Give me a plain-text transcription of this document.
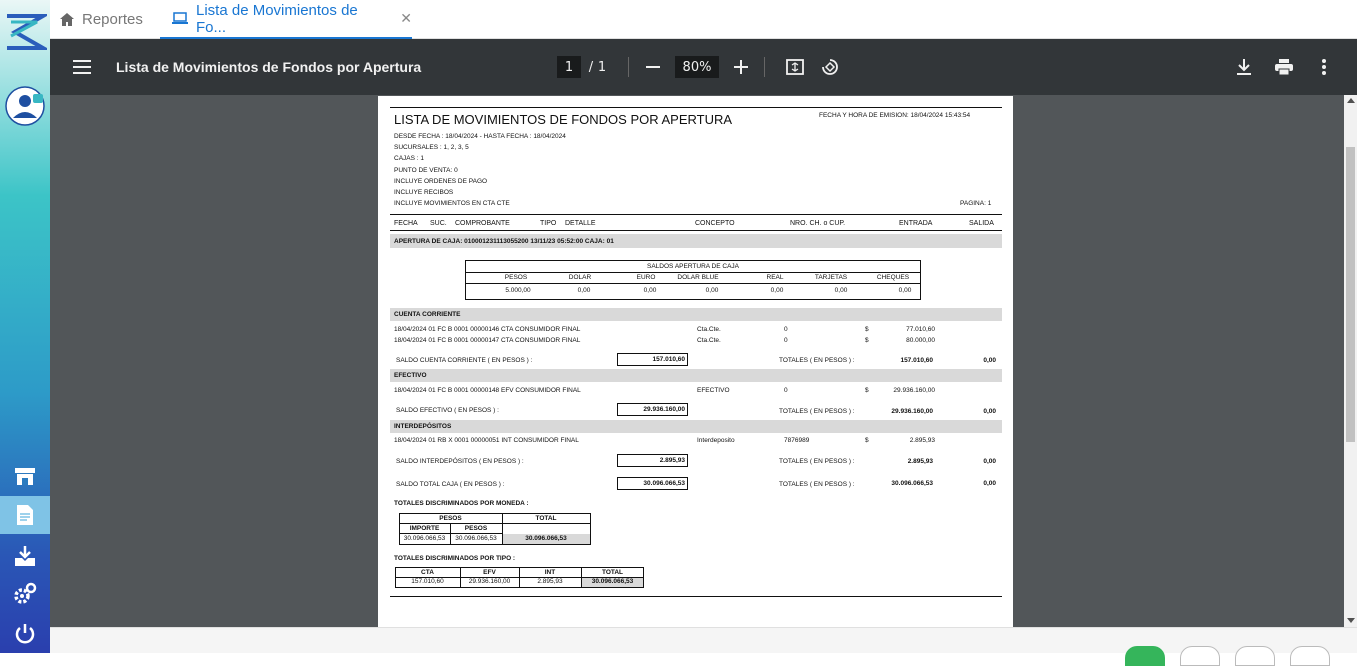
Reportes
Lista de Movimientos de Fo...
✕
Lista de Movimientos de Fondos por Apertura	1	/ 1	80%
LISTA DE MOVIMIENTOS DE FONDOS POR APERTURA	FECHA Y HORA DE EMISION: 18/04/2024 15:43:54
DESDE FECHA : 18/04/2024 - HASTA FECHA : 18/04/2024
SUCURSALES : 1, 2, 3, 5
CAJAS : 1
PUNTO DE VENTA: 0
INCLUYE ORDENES DE PAGO
INCLUYE RECIBOS
INCLUYE MOVIMIENTOS EN CTA CTE	PAGINA: 1
FECHA SUC. COMPROBANTE	TIPO DETALLE	CONCEPTO	NRO. CH. o CUP.	ENTRADA	SALIDA
APERTURA DE CAJA: 010001231113055200 13/11/23 05:52:00 CAJA: 01
SALDOS APERTURA DE CAJA
PESOS	DOLAR	EURO	DOLAR BLUE	REAL	TARJETAS	CHEQUES
5.000,00	0,00	0,00	0,00	0,00	0,00	0,00
CUENTA CORRIENTE
18/04/2024 01 FC B 0001 00000146 CTA CONSUMIDOR FINAL	Cta.Cte.	0	$	77.010,60
18/04/2024 01 FC B 0001 00000147 CTA CONSUMIDOR FINAL	Cta.Cte.	0	$	80.000,00
SALDO CUENTA CORRIENTE ( EN PESOS ) :	157.010,60	TOTALES ( EN PESOS ) :	157.010,60	0,00
EFECTIVO
18/04/2024 01 FC B 0001 00000148 EFV CONSUMIDOR FINAL	EFECTIVO	0	$	29.936.160,00
SALDO EFECTIVO ( EN PESOS ) :	29.936.160,00	TOTALES ( EN PESOS ) :	29.936.160,00	0,00
INTERDEPÓSITOS
18/04/2024 01 RB X 0001 00000051 INT CONSUMIDOR FINAL	Interdeposito	7876989	$	2.895,93
SALDO INTERDEPÓSITOS ( EN PESOS ) :	2.895,93	TOTALES ( EN PESOS ) :	2.895,93	0,00
SALDO TOTAL CAJA ( EN PESOS ) :	30.096.066,53	TOTALES ( EN PESOS ) :	30.096.066,53	0,00
TOTALES DISCRIMINADOS POR MONEDA :
PESOS	TOTAL
IMPORTE	PESOS
30.096.066,53	30.096.066,53	30.096.066,53
TOTALES DISCRIMINADOS POR TIPO :
CTA	EFV	INT	TOTAL
157.010,60	29.936.160,00	2.895,93	30.096.066,53
